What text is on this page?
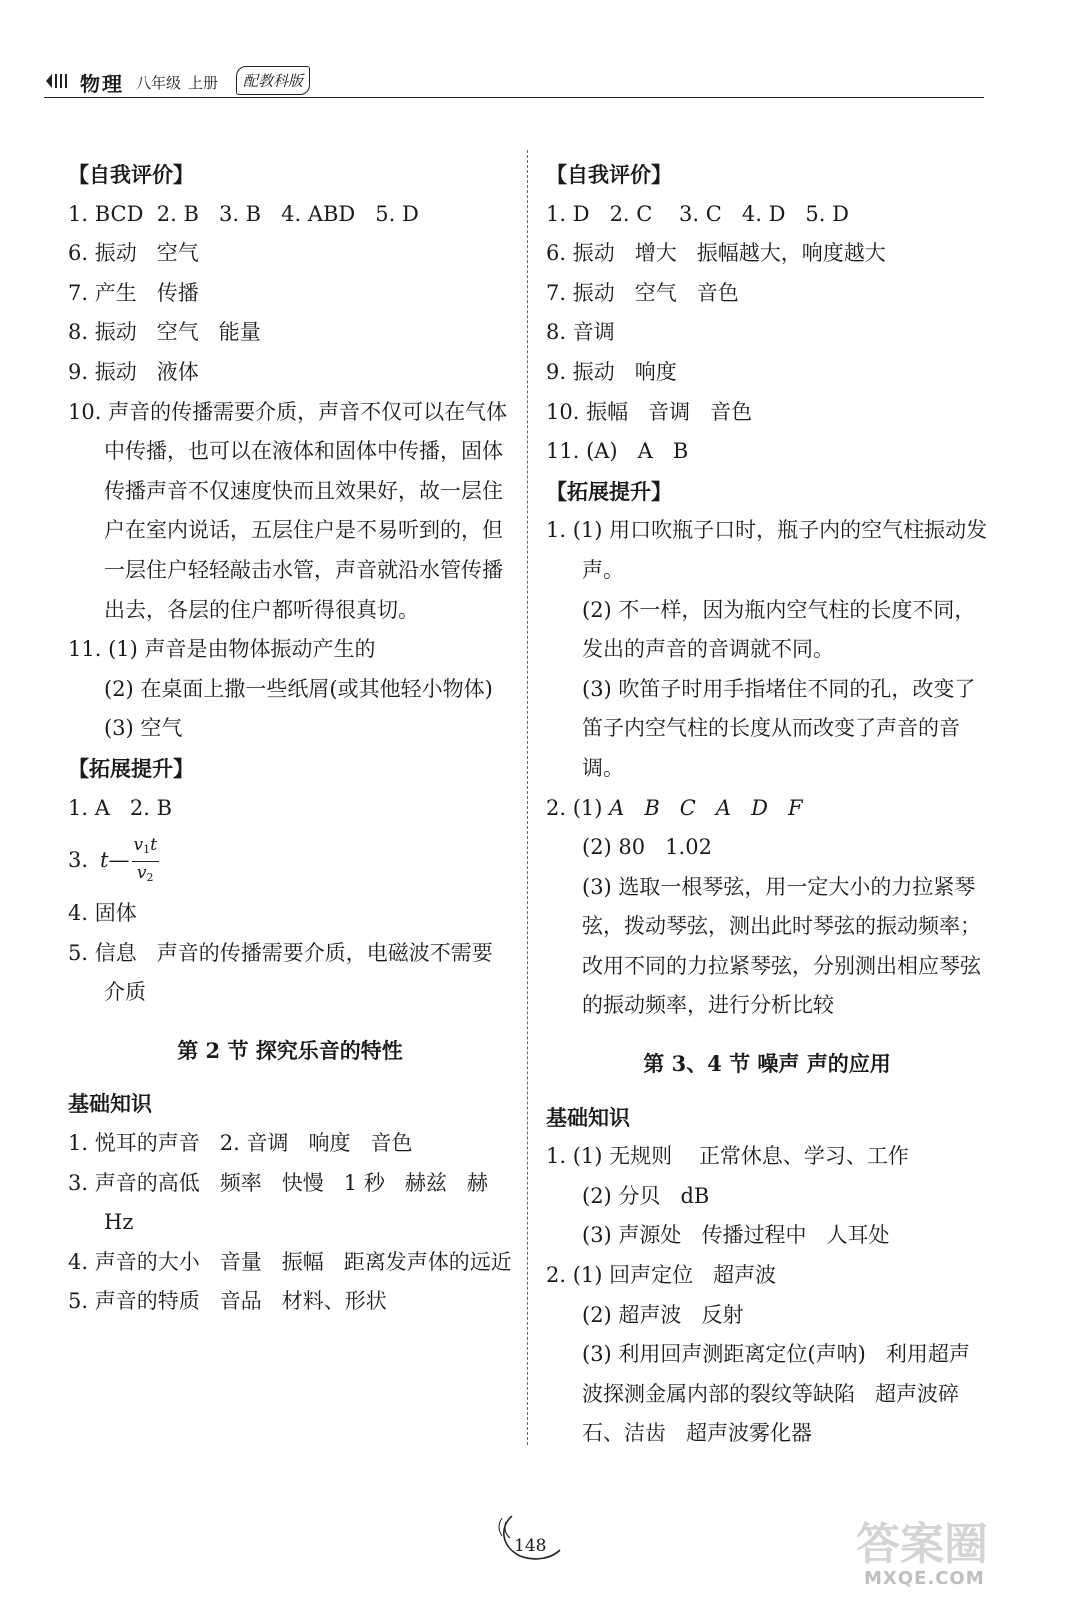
物理 八年级 上册	配教科版
【自我评价】
1. BCD  2. B   3. B   4. ABD   5. D
6. 振动   空气
7. 产生   传播
8. 振动   空气   能量
9. 振动   液体
10. 声音的传播需要介质，声音不仅可以在气体中传播，也可以在液体和固体中传播，固体传播声音不仅速度快而且效果好，故一层住户在室内说话，五层住户是不易听到的，但一层住户轻轻敲击水管，声音就沿水管传播出去，各层的住户都听得很真切。
11. (1) 声音是由物体振动产生的
(2) 在桌面上撒一些纸屑(或其他轻小物体)   (3) 空气
【拓展提升】
1. A   2. B
3. t — $\frac{v1t}{v2}$
4. 固体
5. 信息   声音的传播需要介质，电磁波不需要介质
第 2 节 探究乐音的特性
基础知识
1. 悦耳的声音   2. 音调   响度   音色
3. 声音的高低   频率   快慢   1 秒   赫兹   赫   Hz
4. 声音的大小   音量   振幅   距离发声体的远近
5. 声音的特质   音品   材料、形状
【自我评价】
1. D   2. C    3. C   4. D   5. D
6. 振动   增大   振幅越大，响度越大
7. 振动   空气   音色
8. 音调
9. 振动   响度
10. 振幅   音调   音色
11. (A)   A   B
【拓展提升】
1. (1) 用口吹瓶子口时，瓶子内的空气柱振动发声。
(2) 不一样，因为瓶内空气柱的长度不同，发出的声音的音调就不同。
(3) 吹笛子时用手指堵住不同的孔，改变了笛子内空气柱的长度从而改变了声音的音调。
2. (1) A   B   C   A   D   F
(2) 80   1.02
(3) 选取一根琴弦，用一定大小的力拉紧琴弦，拨动琴弦，测出此时琴弦的振动频率；改用不同的力拉紧琴弦，分别测出相应琴弦的振动频率，进行分析比较
第 3、4 节 噪声 声的应用
基础知识
1. (1) 无规则    正常休息、学习、工作
(2) 分贝   dB
(3) 声源处   传播过程中   人耳处
2. (1) 回声定位   超声波
(2) 超声波   反射
(3) 利用回声测距离定位(声呐)   利用超声波探测金属内部的裂纹等缺陷   超声波碎石、洁齿   超声波雾化器
148	答案圈
MXQE.COM
